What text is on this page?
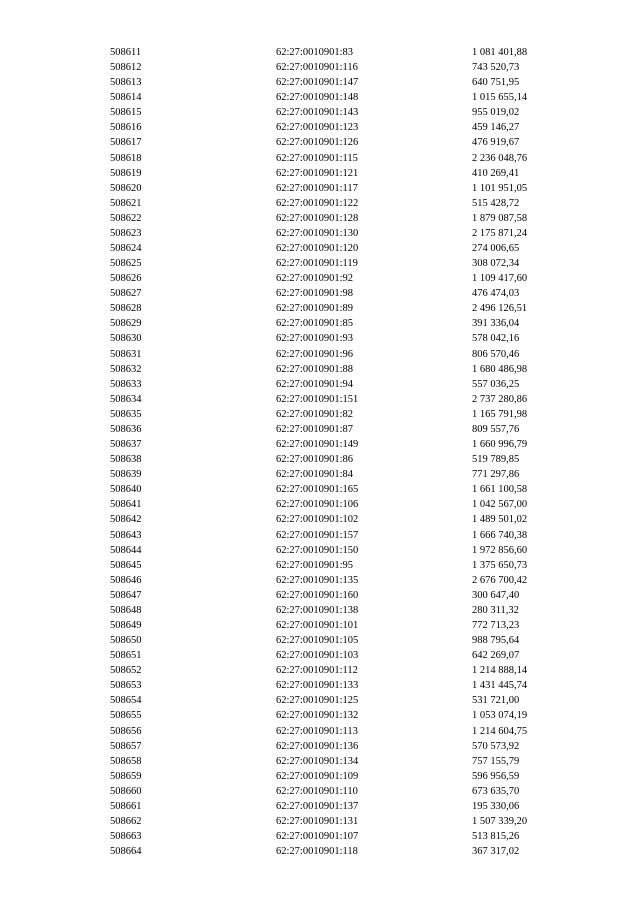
508611	62:27:0010901:83	1 081 401,88
508612	62:27:0010901:116	743 520,73
508613	62:27:0010901:147	640 751,95
508614	62:27:0010901:148	1 015 655,14
508615	62:27:0010901:143	955 019,02
508616	62:27:0010901:123	459 146,27
508617	62:27:0010901:126	476 919,67
508618	62:27:0010901:115	2 236 048,76
508619	62:27:0010901:121	410 269,41
508620	62:27:0010901:117	1 101 951,05
508621	62:27:0010901:122	515 428,72
508622	62:27:0010901:128	1 879 087,58
508623	62:27:0010901:130	2 175 871,24
508624	62:27:0010901:120	274 006,65
508625	62:27:0010901:119	308 072,34
508626	62:27:0010901:92	1 109 417,60
508627	62:27:0010901:98	476 474,03
508628	62:27:0010901:89	2 496 126,51
508629	62:27:0010901:85	391 336,04
508630	62:27:0010901:93	578 042,16
508631	62:27:0010901:96	806 570,46
508632	62:27:0010901:88	1 680 486,98
508633	62:27:0010901:94	557 036,25
508634	62:27:0010901:151	2 737 280,86
508635	62:27:0010901:82	1 165 791,98
508636	62:27:0010901:87	809 557,76
508637	62:27:0010901:149	1 660 996,79
508638	62:27:0010901:86	519 789,85
508639	62:27:0010901:84	771 297,86
508640	62:27:0010901:165	1 661 100,58
508641	62:27:0010901:106	1 042 567,00
508642	62:27:0010901:102	1 489 501,02
508643	62:27:0010901:157	1 666 740,38
508644	62:27:0010901:150	1 972 856,60
508645	62:27:0010901:95	1 375 650,73
508646	62:27:0010901:135	2 676 700,42
508647	62:27:0010901:160	300 647,40
508648	62:27:0010901:138	280 311,32
508649	62:27:0010901:101	772 713,23
508650	62:27:0010901:105	988 795,64
508651	62:27:0010901:103	642 269,07
508652	62:27:0010901:112	1 214 888,14
508653	62:27:0010901:133	1 431 445,74
508654	62:27:0010901:125	531 721,00
508655	62:27:0010901:132	1 053 074,19
508656	62:27:0010901:113	1 214 604,75
508657	62:27:0010901:136	570 573,92
508658	62:27:0010901:134	757 155,79
508659	62:27:0010901:109	596 956,59
508660	62:27:0010901:110	673 635,70
508661	62:27:0010901:137	195 330,06
508662	62:27:0010901:131	1 507 339,20
508663	62:27:0010901:107	513 815,26
508664	62:27:0010901:118	367 317,02
